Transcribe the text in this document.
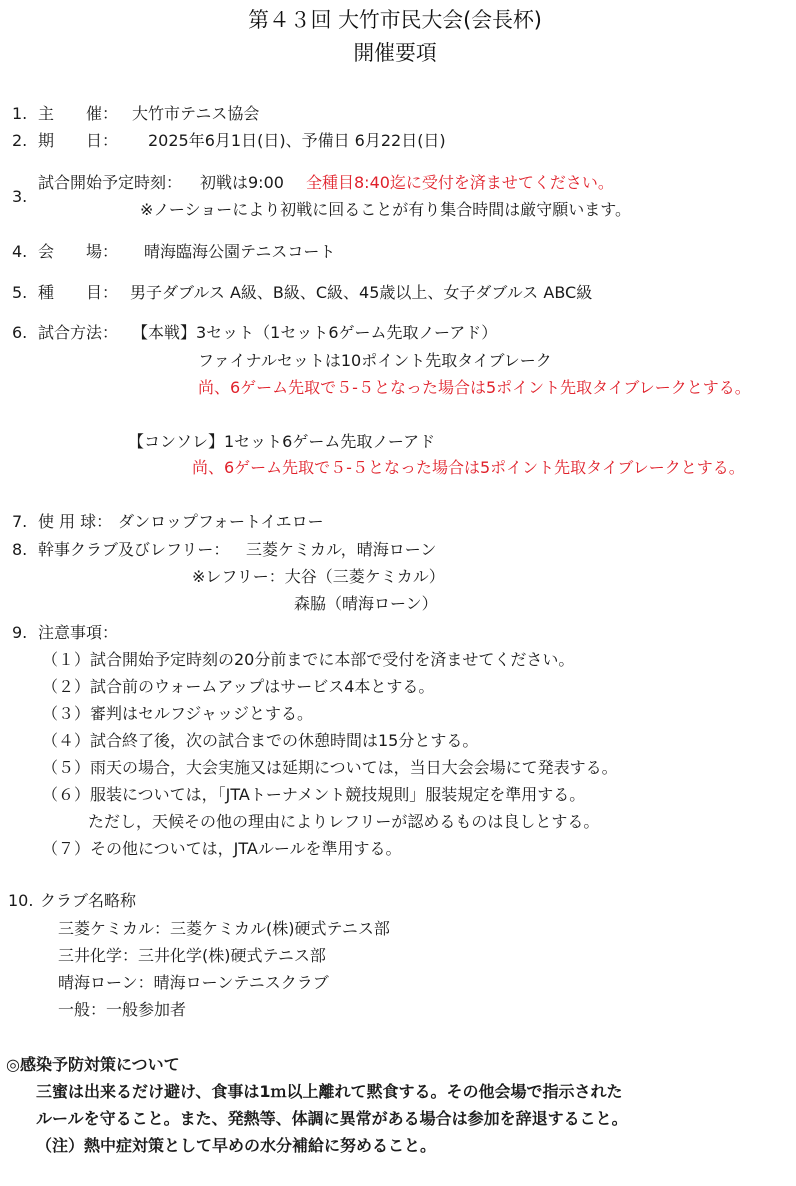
第４３回 大竹市民大会(会長杯)
開催要項
1. 主　　催： 大竹市テニス協会
2. 期　　日： 2025年6月1日(日)、予備日 6月22日(日)
3.
試合開始予定時刻： 初戦は9:00 全種目8:40迄に受付を済ませてください。
※ノーショーにより初戦に回ることが有り集合時間は厳守願います。
4. 会　　場： 晴海臨海公園テニスコート
5. 種　　目： 男子ダブルス A級、B級、C級、45歳以上、女子ダブルス ABC級
6. 試合方法： 【本戦】3セット（1セット6ゲーム先取ノーアド）
ファイナルセットは10ポイント先取タイブレーク
尚、6ゲーム先取で５-５となった場合は5ポイント先取タイブレークとする。
【コンソレ】1セット6ゲーム先取ノーアド
尚、6ゲーム先取で５-５となった場合は5ポイント先取タイブレークとする。
7. 使 用 球： ダンロップフォートイエロー
8. 幹事クラブ及びレフリー： 三菱ケミカル，晴海ローン
※レフリー：大谷（三菱ケミカル）
森脇（晴海ローン）
9. 注意事項：
（１）試合開始予定時刻の20分前までに本部で受付を済ませてください。
（２）試合前のウォームアップはサービス4本とする。
（３）審判はセルフジャッジとする。
（４）試合終了後，次の試合までの休憩時間は15分とする。
（５）雨天の場合，大会実施又は延期については，当日大会会場にて発表する。
（６）服装については，「JTAトーナメント競技規則」服装規定を準用する。
ただし，天候その他の理由によりレフリーが認めるものは良しとする。
（７）その他については，JTAルールを準用する。
10. クラブ名略称
三菱ケミカル：三菱ケミカル(株)硬式テニス部
三井化学：三井化学(株)硬式テニス部
晴海ローン：晴海ローンテニスクラブ
一般：一般参加者
◎感染予防対策について
三蜜は出来るだけ避け、食事は1ｍ以上離れて黙食する。その他会場で指示された
ルールを守ること。また、発熱等、体調に異常がある場合は参加を辞退すること。
（注）熱中症対策として早めの水分補給に努めること。
